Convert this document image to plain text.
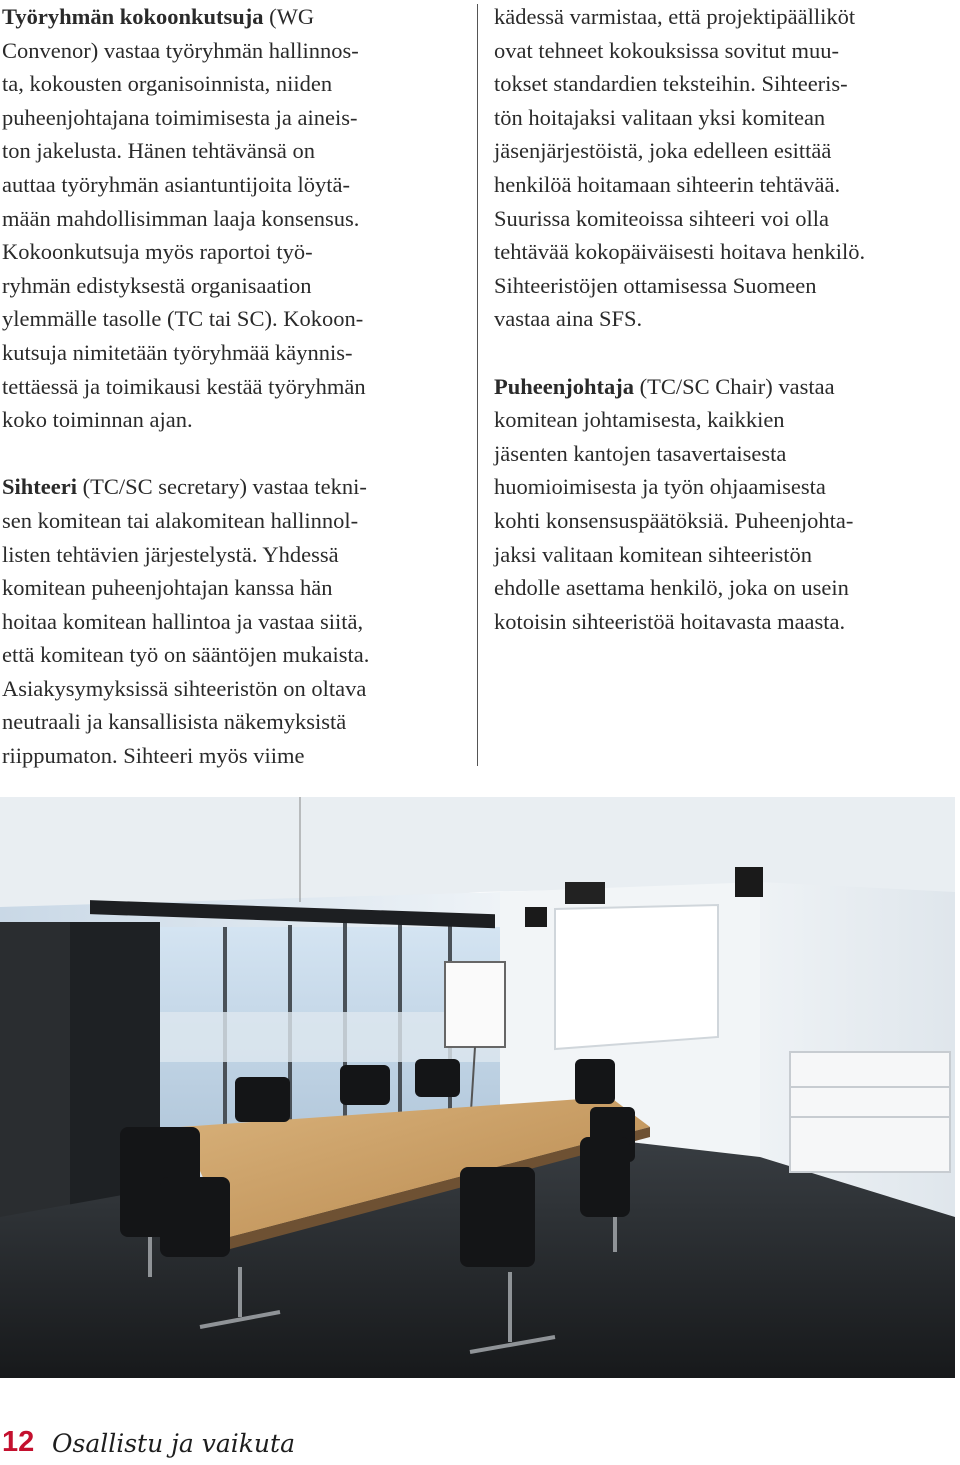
Työryhmän kokoonkutsuja (WG
Convenor) vastaa työryhmän hallinnos-
ta, kokousten organisoinnista, niiden
puheenjohtajana toimimisesta ja aineis-
ton jakelusta. Hänen tehtävänsä on
auttaa työryhmän asiantuntijoita löytä-
mään mahdollisimman laaja konsensus.
Kokoonkutsuja myös raportoi työ-
ryhmän edistyksestä organisaation
ylemmälle tasolle (TC tai SC). Kokoon-
kutsuja nimitetään työryhmää käynnis-
tettäessä ja toimikausi kestää työryhmän
koko toiminnan ajan.

Sihteeri (TC/SC secretary) vastaa tekni-
sen komitean tai alakomitean hallinnol-
listen tehtävien järjestelystä. Yhdessä
komitean puheenjohtajan kanssa hän
hoitaa komitean hallintoa ja vastaa siitä,
että komitean työ on sääntöjen mukaista.
Asiakysymyksissä sihteeristön on oltava
neutraali ja kansallisista näkemyksistä
riippumaton. Sihteeri myös viime

kädessä varmistaa, että projektipäälliköt
ovat tehneet kokouksissa sovitut muu-
tokset standardien teksteihin. Sihteeris-
tön hoitajaksi valitaan yksi komitean
jäsenjärjestöistä, joka edelleen esittää
henkilöä hoitamaan sihteerin tehtävää.
Suurissa komiteoissa sihteeri voi olla
tehtävää kokopäiväisesti hoitava henkilö.
Sihteeristöjen ottamisessa Suomeen
vastaa aina SFS.

Puheenjohtaja (TC/SC Chair) vastaa
komitean johtamisesta, kaikkien
jäsenten kantojen tasavertaisesta
huomioimisesta ja työn ohjaamisesta
kohti konsensuspäätöksiä. Puheenjohta-
jaksi valitaan komitean sihteeristön
ehdolle asettama henkilö, joka on usein
kotoisin sihteeristöä hoitavasta maasta.

12 Osallistu ja vaikuta
